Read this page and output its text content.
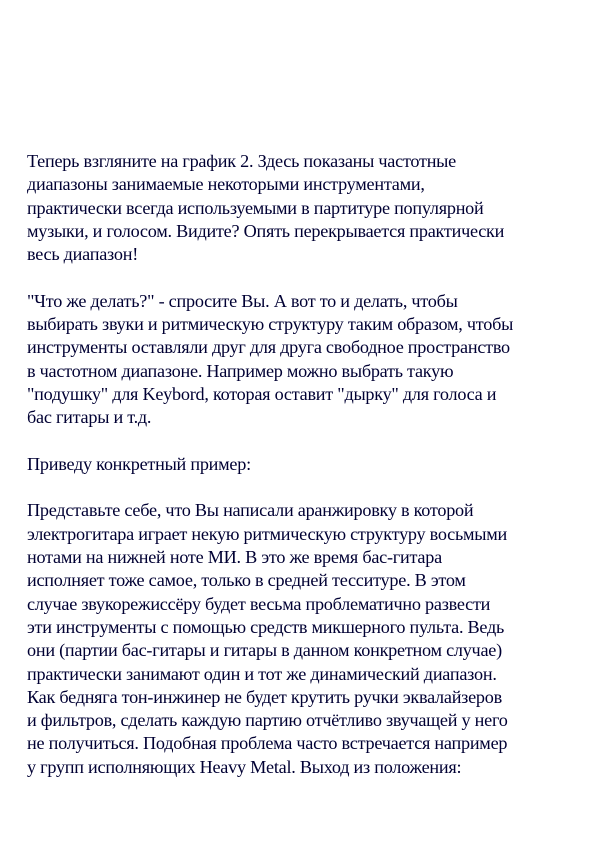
Теперь взгляните на график 2. Здесь показаны частотные
диапазоны занимаемые некоторыми инструментами,
практически всегда используемыми в партитуре популярной
музыки, и голосом. Видите? Опять перекрывается практически
весь диапазон!

"Что же делать?" - спросите Вы. А вот то и делать, чтобы
выбирать звуки и ритмическую структуру таким образом, чтобы
инструменты оставляли друг для друга свободное пространство
в частотном диапазоне. Например можно выбрать такую
"подушку" для Keybord, которая оставит "дырку" для голоса и
бас гитары и т.д.

Приведу конкретный пример:

Представьте себе, что Вы написали аранжировку в которой
электрогитара играет некую ритмическую структуру восьмыми
нотами на нижней ноте МИ. В это же время бас-гитара
исполняет тоже самое, только в средней тесситуре. В этом
случае звукорежиссёру будет весьма проблематично развести
эти инструменты с помощью средств микшерного пульта. Ведь
они (партии бас-гитары и гитары в данном конкретном случае)
практически занимают один и тот же динамический диапазон.
Как бедняга тон-инжинер не будет крутить ручки эквалайзеров
и фильтров, сделать каждую партию отчётливо звучащей у него
не получиться. Подобная проблема часто встречается например
у групп исполняющих Heavy Metal. Выход из положения:
